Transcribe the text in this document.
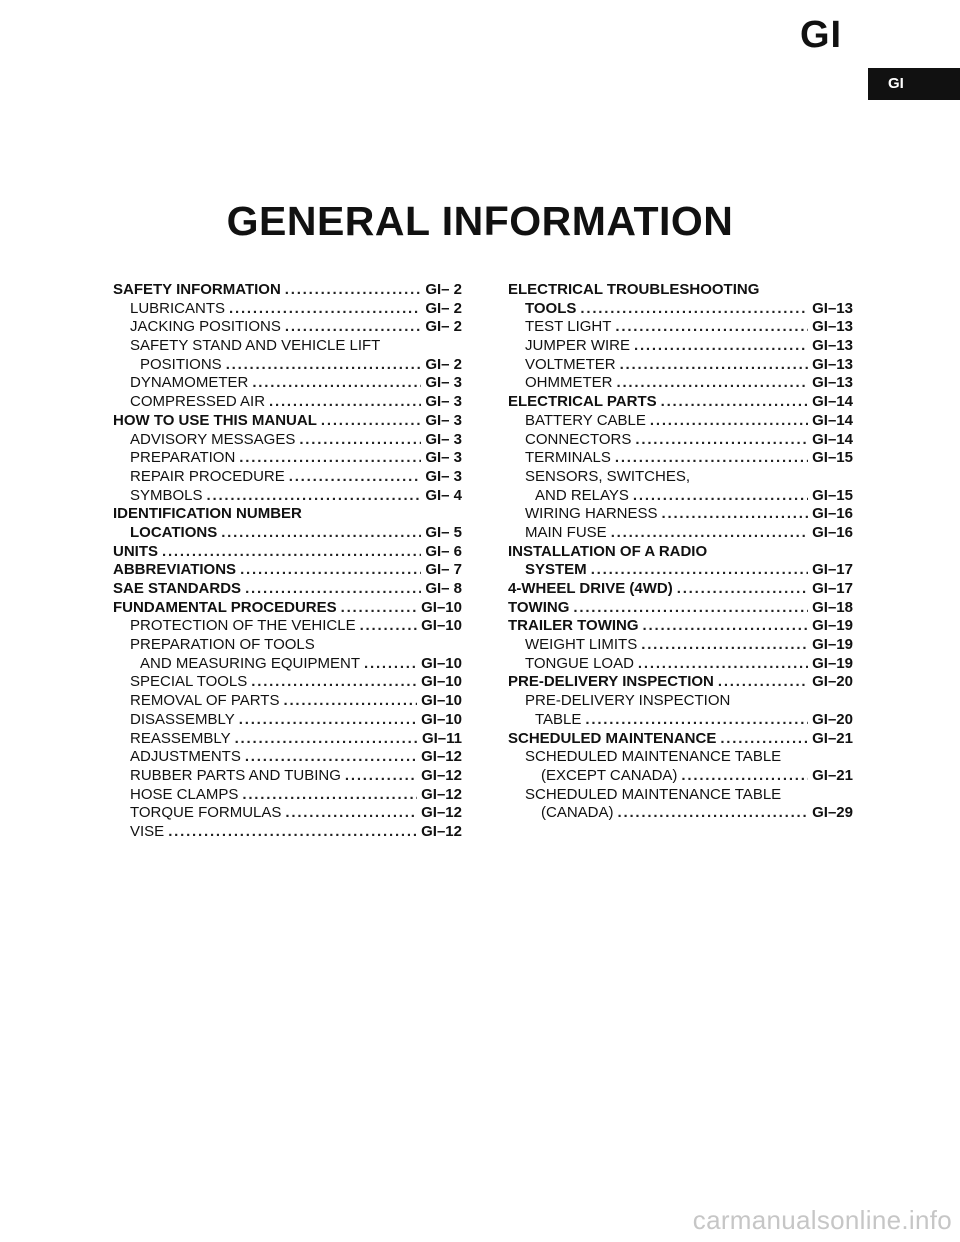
GI
GI
GENERAL INFORMATION
SAFETY INFORMATION .....	GI– 2
LUBRICANTS .....	GI– 2
JACKING POSITIONS .....	GI– 2
SAFETY STAND AND VEHICLE LIFT
POSITIONS .....	GI– 2
DYNAMOMETER .....	GI– 3
COMPRESSED AIR .....	GI– 3
HOW TO USE THIS MANUAL .....	GI– 3
ADVISORY MESSAGES .....	GI– 3
PREPARATION .....	GI– 3
REPAIR PROCEDURE .....	GI– 3
SYMBOLS .....	GI– 4
IDENTIFICATION NUMBER
LOCATIONS .....	GI– 5
UNITS .....	GI– 6
ABBREVIATIONS .....	GI– 7
SAE STANDARDS .....	GI– 8
FUNDAMENTAL PROCEDURES .....	GI–10
PROTECTION OF THE VEHICLE .....	GI–10
PREPARATION OF TOOLS
AND MEASURING EQUIPMENT .....	GI–10
SPECIAL TOOLS .....	GI–10
REMOVAL OF PARTS .....	GI–10
DISASSEMBLY .....	GI–10
REASSEMBLY .....	GI–11
ADJUSTMENTS .....	GI–12
RUBBER PARTS AND TUBING .....	GI–12
HOSE CLAMPS .....	GI–12
TORQUE FORMULAS .....	GI–12
VISE .....	GI–12
ELECTRICAL TROUBLESHOOTING
TOOLS .....	GI–13
TEST LIGHT .....	GI–13
JUMPER WIRE .....	GI–13
VOLTMETER .....	GI–13
OHMMETER .....	GI–13
ELECTRICAL PARTS .....	GI–14
BATTERY CABLE .....	GI–14
CONNECTORS .....	GI–14
TERMINALS .....	GI–15
SENSORS, SWITCHES,
AND RELAYS .....	GI–15
WIRING HARNESS .....	GI–16
MAIN FUSE .....	GI–16
INSTALLATION OF A RADIO
SYSTEM .....	GI–17
4-WHEEL DRIVE (4WD) .....	GI–17
TOWING .....	GI–18
TRAILER TOWING .....	GI–19
WEIGHT LIMITS .....	GI–19
TONGUE LOAD .....	GI–19
PRE-DELIVERY INSPECTION .....	GI–20
PRE-DELIVERY INSPECTION
TABLE .....	GI–20
SCHEDULED MAINTENANCE .....	GI–21
SCHEDULED MAINTENANCE TABLE
(EXCEPT CANADA) .....	GI–21
SCHEDULED MAINTENANCE TABLE
(CANADA) .....	GI–29
carmanualsonline.info
